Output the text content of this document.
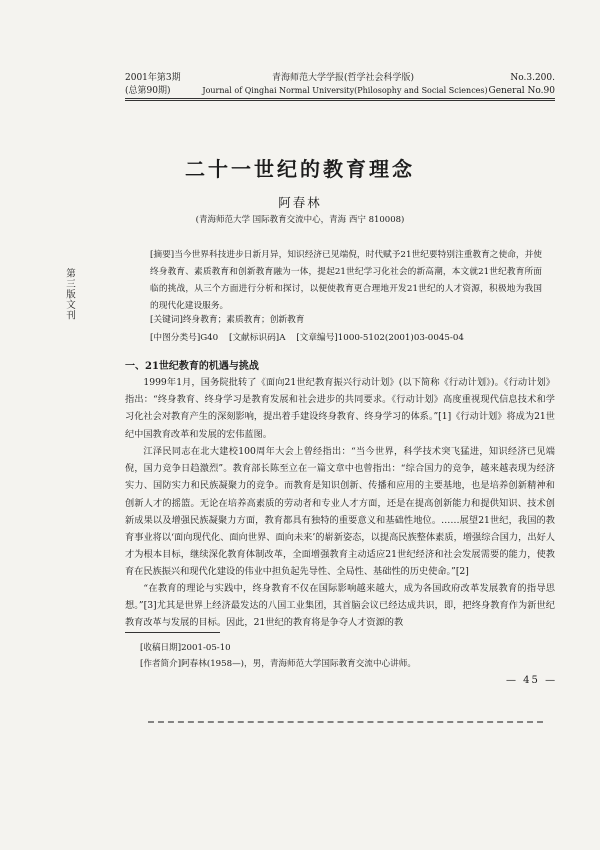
2001年第3期	青海师范大学学报(哲学社会科学版)	No.3.200.
(总第90期)	Journal of Qinghai Normal University(Philosophy and Social Sciences) General No.90
二十一世纪的教育理念
阿春林
(青海师范大学 国际教育交流中心，青海 西宁 810008)
第三版文刊
[摘要]当今世界科技进步日新月异，知识经济已见端倪，时代赋予21世纪要特别注重教育之使命，并使终身教育、素质教育和创新教育融为一体，提起21世纪学习化社会的新高潮，本文就21世纪教育所面临的挑战，从三个方面进行分析和探讨，以便使教育更合理地开发21世纪的人才资源，积极地为我国的现代化建设服务。
[关键词]终身教育；素质教育；创新教育
[中图分类号]G40 [文献标识码]A [文章编号]1000-5102(2001)03-0045-04
一、21世纪教育的机遇与挑战

1999年1月，国务院批转了《面向21世纪教育振兴行动计划》(以下简称《行动计划》)。《行动计划》指出：“终身教育、终身学习是教育发展和社会进步的共同要求。《行动计划》高度重视现代信息技术和学习化社会对教育产生的深刻影响，提出着手建设终身教育、终身学习的体系。”[1]《行动计划》将成为21世纪中国教育改革和发展的宏伟蓝图。

江泽民同志在北大建校100周年大会上曾经指出：“当今世界，科学技术突飞猛进，知识经济已见端倪，国力竞争日趋激烈”。教育部长陈至立在一篇文章中也曾指出：“综合国力的竞争，越来越表现为经济实力、国防实力和民族凝聚力的竞争。而教育是知识创新、传播和应用的主要基地，也是培养创新精神和创新人才的摇篮。无论在培养高素质的劳动者和专业人才方面，还是在提高创新能力和提供知识、技术创新成果以及增强民族凝聚力方面，教育都具有独特的重要意义和基础性地位。……展望21世纪，我国的教育事业将以‘面向现代化、面向世界、面向未来’的崭新姿态，以提高民族整体素质，增强综合国力，出好人才为根本目标，继续深化教育体制改革，全面增强教育主动适应21世纪经济和社会发展需要的能力，使教育在民族振兴和现代化建设的伟业中担负起先导性、全局性、基础性的历史使命。”[2]

“在教育的理论与实践中，终身教育不仅在国际影响越来越大，成为各国政府改革发展教育的指导思想。”[3]尤其是世界上经济最发达的八国工业集团，其首脑会议已经达成共识，即，把终身教育作为新世纪教育改革与发展的目标。因此，21世纪的教育将是争夺人才资源的教

[收稿日期]2001-05-10
[作者简介]阿春林(1958—)，男，青海师范大学国际教育交流中心讲师。
— 45 —
